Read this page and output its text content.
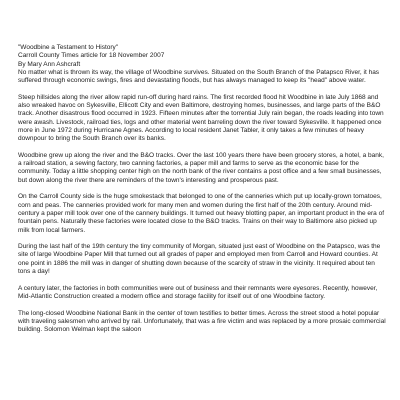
"Woodbine a Testament to History"

Carroll County Times article for 18 November 2007

By Mary Ann Ashcraft

No matter what is thrown its way, the village of Woodbine survives. Situated on the South Branch of the Patapsco River, it has suffered through economic swings, fires and devastating floods, but has always managed to keep its "head" above water.

Steep hillsides along the river allow rapid run-off during hard rains. The first recorded flood hit Woodbine in late July 1868 and also wreaked havoc on Sykesville, Ellicott City and even Baltimore, destroying homes, businesses, and large parts of the B&O track. Another disastrous flood occurred in 1923. Fifteen minutes after the torrential July rain began, the roads leading into town were awash. Livestock, railroad ties, logs and other material went barreling down the river toward Sykesville. It happened once more in June 1972 during Hurricane Agnes. According to local resident Janet Tabler, it only takes a few minutes of heavy downpour to bring the South Branch over its banks.

Woodbine grew up along the river and the B&O tracks. Over the last 100 years there have been grocery stores, a hotel, a bank, a railroad station, a sewing factory, two canning factories, a paper mill and farms to serve as the economic base for the community. Today a little shopping center high on the north bank of the river contains a post office and a few small businesses, but down along the river there are reminders of the town's interesting and prosperous past.

On the Carroll County side is the huge smokestack that belonged to one of the canneries which put up locally-grown tomatoes, corn and peas. The canneries provided work for many men and women during the first half of the 20th century. Around mid-century a paper mill took over one of the cannery buildings. It turned out heavy blotting paper, an important product in the era of fountain pens. Naturally these factories were located close to the B&O tracks. Trains on their way to Baltimore also picked up milk from local farmers.

During the last half of the 19th century the tiny community of Morgan, situated just east of Woodbine on the Patapsco, was the site of large Woodbine Paper Mill that turned out all grades of paper and employed men from Carroll and Howard counties. At one point in 1886 the mill was in danger of shutting down because of the scarcity of straw in the vicinity. It required about ten tons a day!

A century later, the factories in both communities were out of business and their remnants were eyesores. Recently, however, Mid-Atlantic Construction created a modern office and storage facility for itself out of one Woodbine factory.

The long-closed Woodbine National Bank in the center of town testifies to better times. Across the street stood a hotel popular with traveling salesmen who arrived by rail. Unfortunately, that was a fire victim and was replaced by a more prosaic commercial building. Solomon Welman kept the saloon
